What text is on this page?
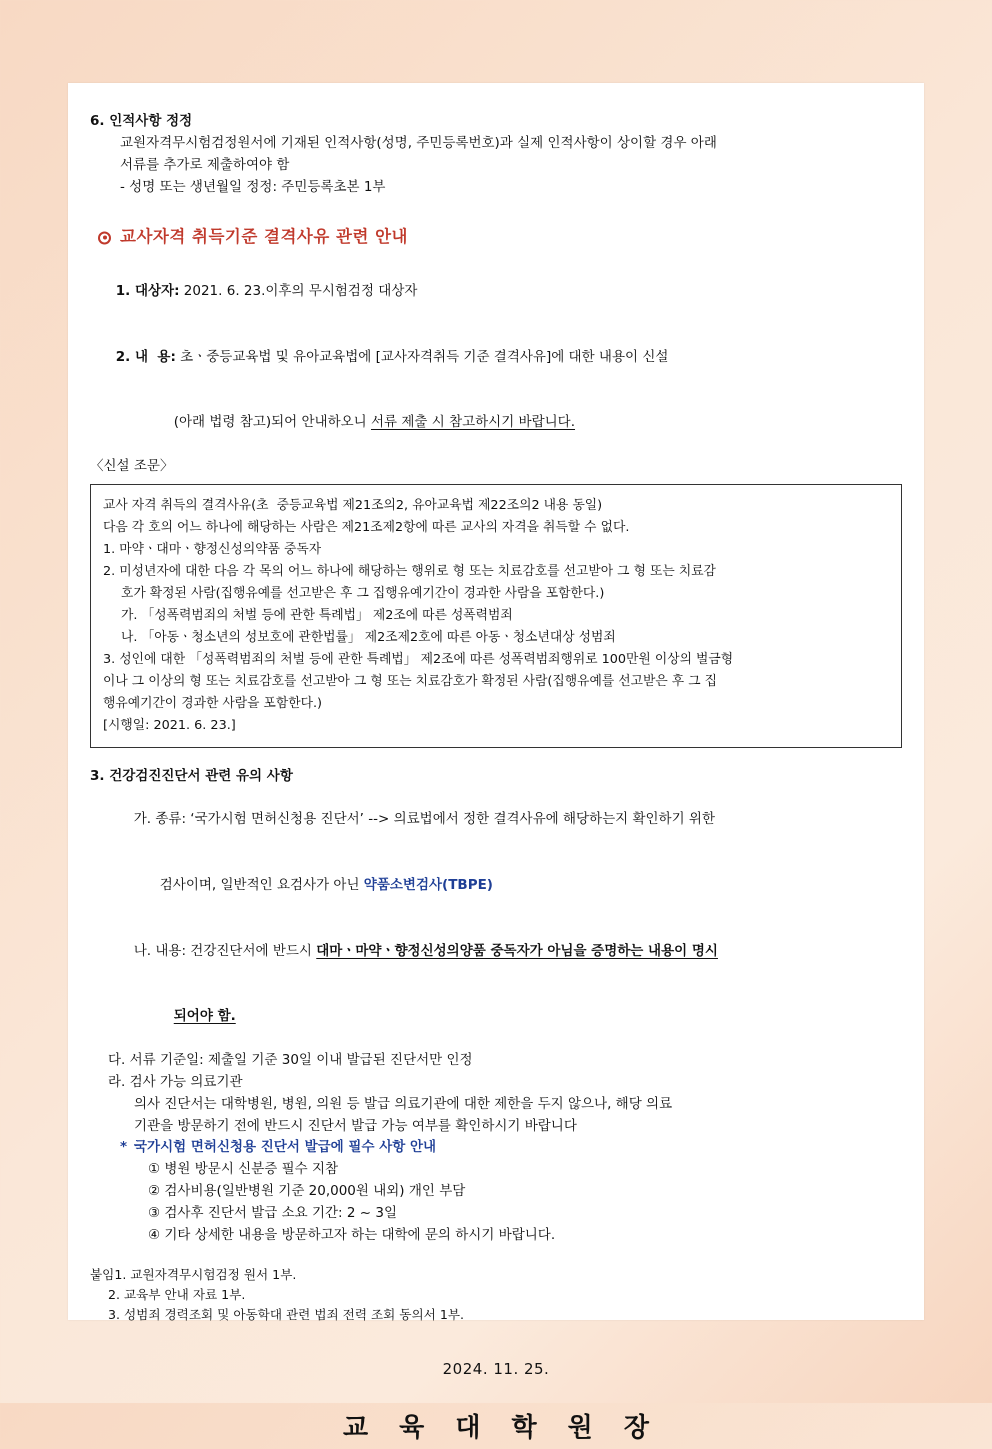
6. 인적사항 정정
교원자격무시험검정원서에 기재된 인적사항(성명, 주민등록번호)과 실제 인적사항이 상이할 경우 아래
서류를 추가로 제출하여야 함
- 성명 또는 생년월일 정정: 주민등록초본 1부
교사자격 취득기준 결격사유 관련 안내

1. 대상자: 2021. 6. 23.이후의 무시험검정 대상자

2. 내  용: 초ㆍ중등교육법 및 유아교육법에 [교사자격취득 기준 결격사유]에 대한 내용이 신설

(아래 법령 참고)되어 안내하오니 서류 제출 시 참고하시기 바랍니다.

〈신설 조문〉
교사 자격 취득의 결격사유(초  중등교육법 제21조의2, 유아교육법 제22조의2 내용 동일)
다음 각 호의 어느 하나에 해당하는 사람은 제21조제2항에 따른 교사의 자격을 취득할 수 없다.
1. 마약ㆍ대마ㆍ향정신성의약품 중독자
2. 미성년자에 대한 다음 각 목의 어느 하나에 해당하는 행위로 형 또는 치료감호를 선고받아 그 형 또는 치료감
호가 확정된 사람(집행유예를 선고받은 후 그 집행유예기간이 경과한 사람을 포함한다.)
가. 「성폭력범죄의 처벌 등에 관한 특례법」 제2조에 따른 성폭력범죄
나. 「아동ㆍ청소년의 성보호에 관한법률」 제2조제2호에 따른 아동ㆍ청소년대상 성범죄
3. 성인에 대한 「성폭력범죄의 처벌 등에 관한 특례법」 제2조에 따른 성폭력범죄행위로 100만원 이상의 벌금형
이나 그 이상의 형 또는 치료감호를 선고받아 그 형 또는 치료감호가 확정된 사람(집행유예를 선고받은 후 그 집
행유예기간이 경과한 사람을 포함한다.)
[시행일: 2021. 6. 23.]
3. 건강검진진단서 관련 유의 사항

가. 종류: ‘국가시험 면허신청용 진단서’ --> 의료법에서 정한 결격사유에 해당하는지 확인하기 위한

검사이며, 일반적인 요검사가 아닌 약품소변검사(TBPE)

나. 내용: 건강진단서에 반드시 대마ㆍ마약ㆍ향정신성의양품 중독자가 아님을 증명하는 내용이 명시

되어야 함.

다. 서류 기준일: 제출일 기준 30일 이내 발급된 진단서만 인정
라. 검사 가능 의료기관
의사 진단서는 대학병원, 병원, 의원 등 발급 의료기관에 대한 제한을 두지 않으나, 해당 의료
기관을 방문하기 전에 반드시 진단서 발급 가능 여부를 확인하시기 바랍니다
* 국가시험 면허신청용 진단서 발급에 필수 사항 안내
① 병원 방문시 신분증 필수 지참
② 검사비용(일반병원 기준 20,000원 내외) 개인 부담
③ 검사후 진단서 발급 소요 기간: 2 ~ 3일
④ 기타 상세한 내용을 방문하고자 하는 대학에 문의 하시기 바랍니다.
붙임1. 교원자격무시험검정 원서 1부.
2. 교육부 안내 자료 1부.
3. 성범죄 경력조회 및 아동학대 관련 법죄 전력 조회 동의서 1부.
2024. 11. 25.
교 육 대 학 원 장
